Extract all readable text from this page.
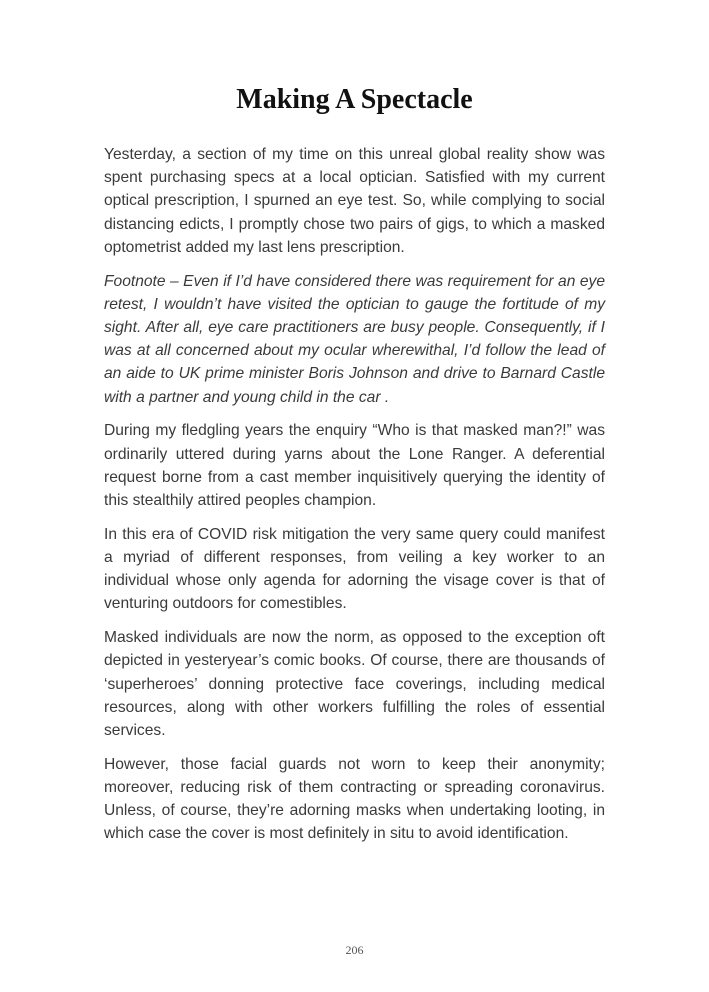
Making A Spectacle

Yesterday, a section of my time on this unreal global reality show was spent purchasing specs at a local optician. Satisfied with my current optical prescription, I spurned an eye test. So, while complying to social distancing edicts, I promptly chose two pairs of gigs, to which a masked optometrist added my last lens prescription.

Footnote – Even if I’d have considered there was requirement for an eye retest, I wouldn’t have visited the optician to gauge the fortitude of my sight. After all, eye care practitioners are busy people. Consequently, if I was at all concerned about my ocular wherewithal, I’d follow the lead of an aide to UK prime minister Boris Johnson and drive to Barnard Castle with a partner and young child in the car .

During my fledgling years the enquiry “Who is that masked man?!” was ordinarily uttered during yarns about the Lone Ranger. A deferential request borne from a cast member inquisitively querying the identity of this stealthily attired peoples champion.

In this era of COVID risk mitigation the very same query could manifest a myriad of different responses, from veiling a key worker to an individual whose only agenda for adorning the visage cover is that of venturing outdoors for comestibles.

Masked individuals are now the norm, as opposed to the exception oft depicted in yesteryear’s comic books. Of course, there are thousands of ‘superheroes’ donning protective face coverings, including medical resources, along with other workers fulfilling the roles of essential services.

However, those facial guards not worn to keep their anonymity; moreover, reducing risk of them contracting or spreading coronavirus. Unless, of course, they’re adorning masks when undertaking looting, in which case the cover is most definitely in situ to avoid identification.

206
